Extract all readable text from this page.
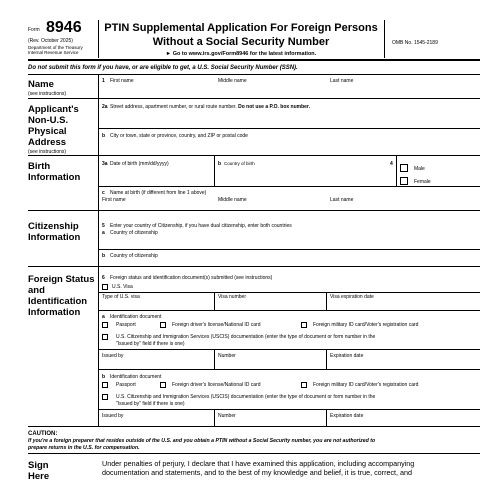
Form 8946
(Rev. October 2025)
Department of the Treasury
Internal Revenue Service
PTIN Supplemental Application For Foreign Persons
Without a Social Security Number
► Go to www.irs.gov/Form8946 for the latest information.
OMB No. 1545-2189
Do not submit this form if you have, or are eligible to get, a U.S. Social Security Number (SSN).
Name
(see instructions)
1 First name	Middle name	Last name
Applicant's
Non-U.S.
Physical
Address
(see instructions)
2a Street address, apartment number, or rural route number. Do not use a P.O. box number.
b City or town, state or province, country, and ZIP or postal code
Birth
Information
3a Date of birth (mm/dd/yyyy)	b Country of birth	4
Male
Female
c Name at birth (if different from line 1 above)
First name	Middle name	Last name
Citizenship
Information
5 Enter your country of Citizenship, if you have dual citizenship, enter both countries
a Country of citizenship
b Country of citizenship
Foreign Status
and
Identification
Information
6 Foreign status and identification document(s) submitted (see instructions)
U.S. Visa
Type of U.S. visa	Visa number	Visa expiration date
a Identification document
Passport	Foreign driver's license/National ID card	Foreign military ID card/Voter's registration card
U.S. Citizenship and Immigration Services (USCIS) documentation (enter the type of document or form number in the
"Issued by" field if there is one)
Issued by	Number	Expiration date
b Identification document
Passport	Foreign driver's license/National ID card	Foreign military ID card/Voter's registration card
U.S. Citizenship and Immigration Services (USCIS) documentation (enter the type of document or form number in the
"Issued by" field if there is one)
Issued by	Number	Expiration date
CAUTION:
If you're a foreign preparer that resides outside of the U.S. and you obtain a PTIN without a Social Security number, you are not authorized to
prepare returns in the U.S. for compensation.
Sign
Here
Under penalties of perjury, I declare that I have examined this application, including accompanying
documentation and statements, and to the best of my knowledge and belief, it is true, correct, and
